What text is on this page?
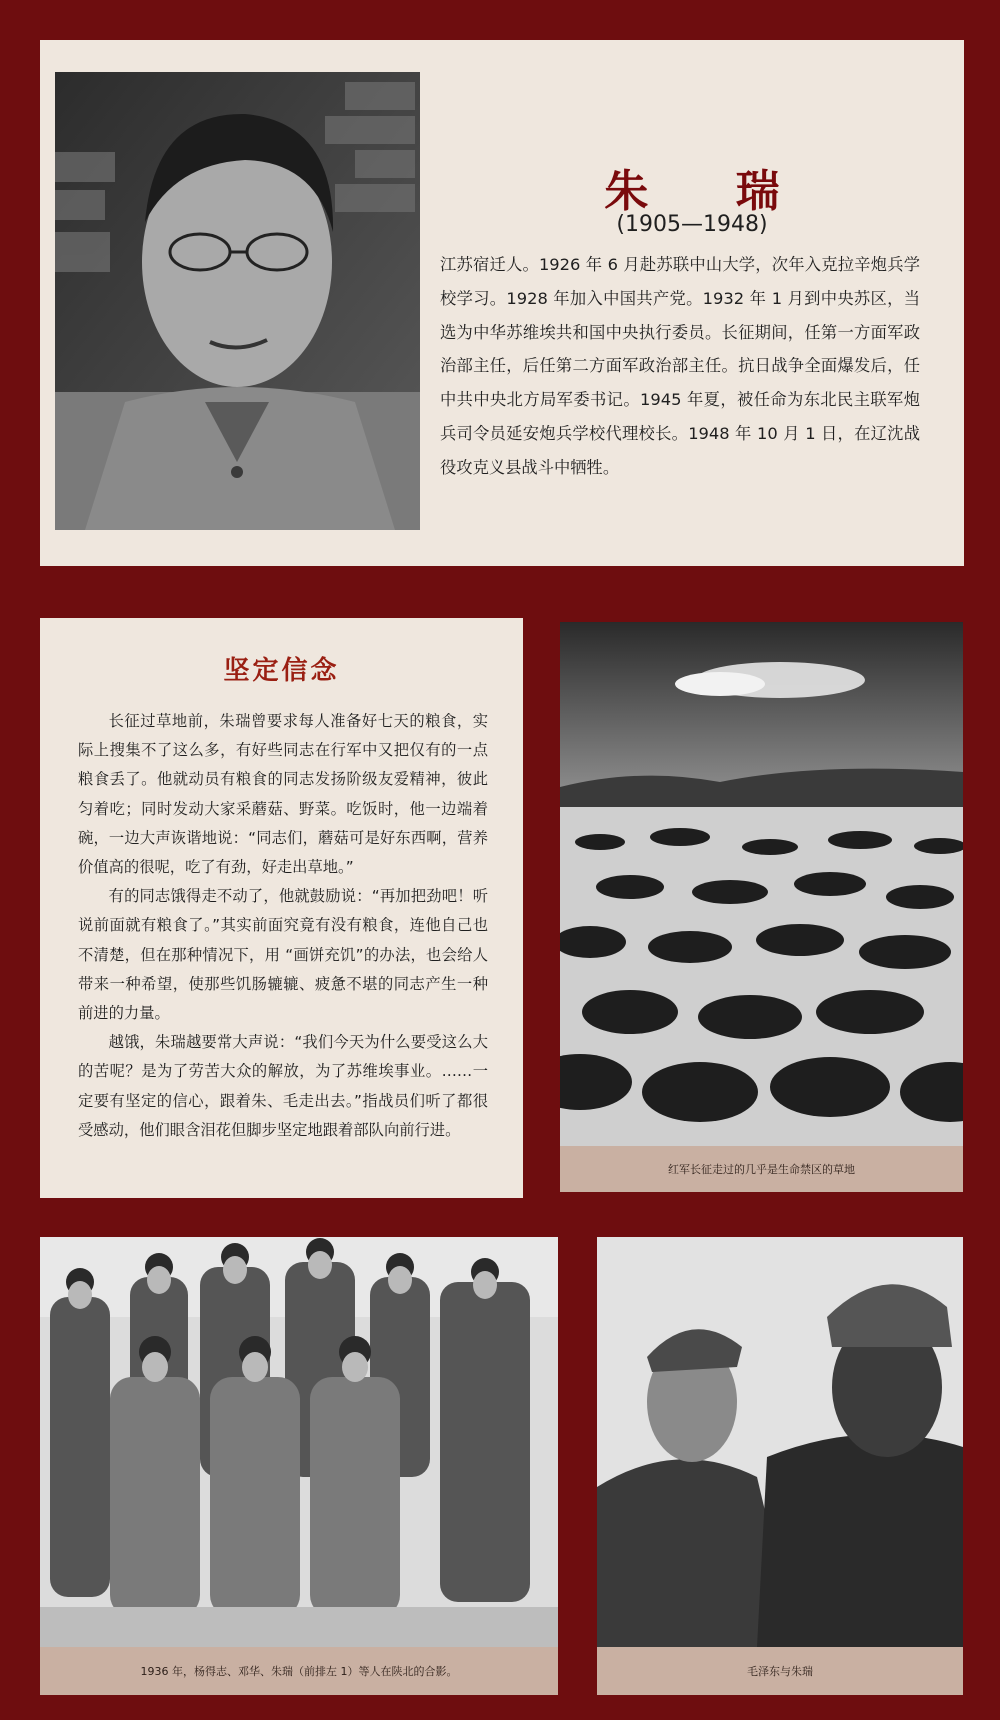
朱 瑞
(1905—1948)
江苏宿迁人。1926 年 6 月赴苏联中山大学，次年入克拉辛炮兵学校学习。1928 年加入中国共产党。1932 年 1 月到中央苏区，当选为中华苏维埃共和国中央执行委员。长征期间，任第一方面军政治部主任，后任第二方面军政治部主任。抗日战争全面爆发后，任中共中央北方局军委书记。1945 年夏，被任命为东北民主联军炮兵司令员延安炮兵学校代理校长。1948 年 10 月 1 日，在辽沈战役攻克义县战斗中牺牲。
坚定信念

长征过草地前，朱瑞曾要求每人准备好七天的粮食，实际上搜集不了这么多，有好些同志在行军中又把仅有的一点粮食丢了。他就动员有粮食的同志发扬阶级友爱精神，彼此匀着吃；同时发动大家采蘑菇、野菜。吃饭时，他一边端着碗，一边大声诙谐地说：“同志们，蘑菇可是好东西啊，营养价值高的很呢，吃了有劲，好走出草地。”

有的同志饿得走不动了，他就鼓励说：“再加把劲吧！听说前面就有粮食了。”其实前面究竟有没有粮食，连他自己也不清楚，但在那种情况下，用 “画饼充饥”的办法，也会给人带来一种希望，使那些饥肠辘辘、疲惫不堪的同志产生一种前进的力量。

越饿，朱瑞越要常大声说：“我们今天为什么要受这么大的苦呢？是为了劳苦大众的解放，为了苏维埃事业。……一定要有坚定的信心，跟着朱、毛走出去。”指战员们听了都很受感动，他们眼含泪花但脚步坚定地跟着部队向前行进。

红军长征走过的几乎是生命禁区的草地
1936 年，杨得志、邓华、朱瑞（前排左 1）等人在陕北的合影。	毛泽东与朱瑞
